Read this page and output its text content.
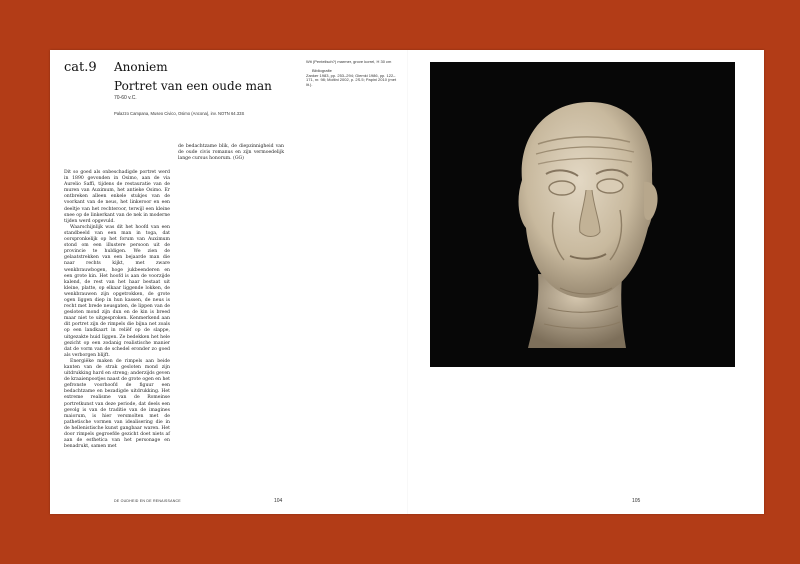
cat.9 Anoniem
Portret van een oude man
70-60 v.C.
Palazzo Campana, Museo Civico, Osimo (Ancona), inv. NOTN 64.33S
Wit (Pentelisch?) marmer, grove korrel, H 30 cm
Bibliografie
Zanker 1983, pp. 253–294; Giemki 1986, pp. 122–171, nr. 98; Moltini 2002, p. 2S.5; Papini 2010 (met lit.).

Dit so goed als onbeschadigde portret werd in 1890 gevonden in Osimo, aan de via Aurelio Saffi, tijdens de restauratie van de muren van Auximum, het antieke Osimo. Er ontbreken alleen enkele stukjes van de voorkant van de neus, het linkeroor en een deeltje van het rechteroor, terwijl een kleine snee op de linkerkant van de nek in moderne tijden werd opgevuld.

Waarschijnlijk was dit het hoofd van een standbeeld van een man in toga, dat oorspronkelijk op het forum van Auximum stond om een illustere persoon uit de provincie te huldigen. We zien de gelaatstrekken van een bejaarde man die naar rechts kijkt, met zware wenkbrauwbogen, hoge jukbeenderen en een grote kin. Het hoofd is aan de voorzijde kalend, de rest van het haar bestaat uit kleine, platte, op elkaar liggende lokken, de wenkbrauwen zijn opgetrokken, de grote ogen liggen diep in hun kassen, de neus is recht met brede neusgaten, de lippen van de gesloten mond zijn dun en de kin is breed maar niet te uitgesproken. Kenmerkend aan dit portret zijn de rimpels die bijna net zoals op een landkaart in reliëf op de slappe, uitgezakte huid liggen. Ze bedekken het hele gezicht op een zodanig realistische manier dat de vorm van de schedel eronder zo goed als verborgen blijft.

Energiëke maken de rimpels aan beide kanten van de strak gesloten mond zijn uitdrukking hard en streng; anderzijds geven de kraaienpootjes naast de grote ogen en het gefronste voorhoofd de figuur een bedachtzame en bezadigde uitdrukking. Het extreme realisme van de Romeinse portretkunst van deze periode, dat deels een gevolg is van de traditie van de imagines maiorum, is hier versmolten met de pathetische vormen van idealisering die in de hellenistische kunst gangbaar waren. Het door rimpels gegroefde gezicht doet niets af aan de esthetica van het personage en benadrukt, samen met

de bedachtzame blik, de diepzinnigheid van de oude civis romanus en zijn vermoedelijk lange cursus honorum. (GG)

DE OUDHEID EN DE RENAISSANCE	104	105
